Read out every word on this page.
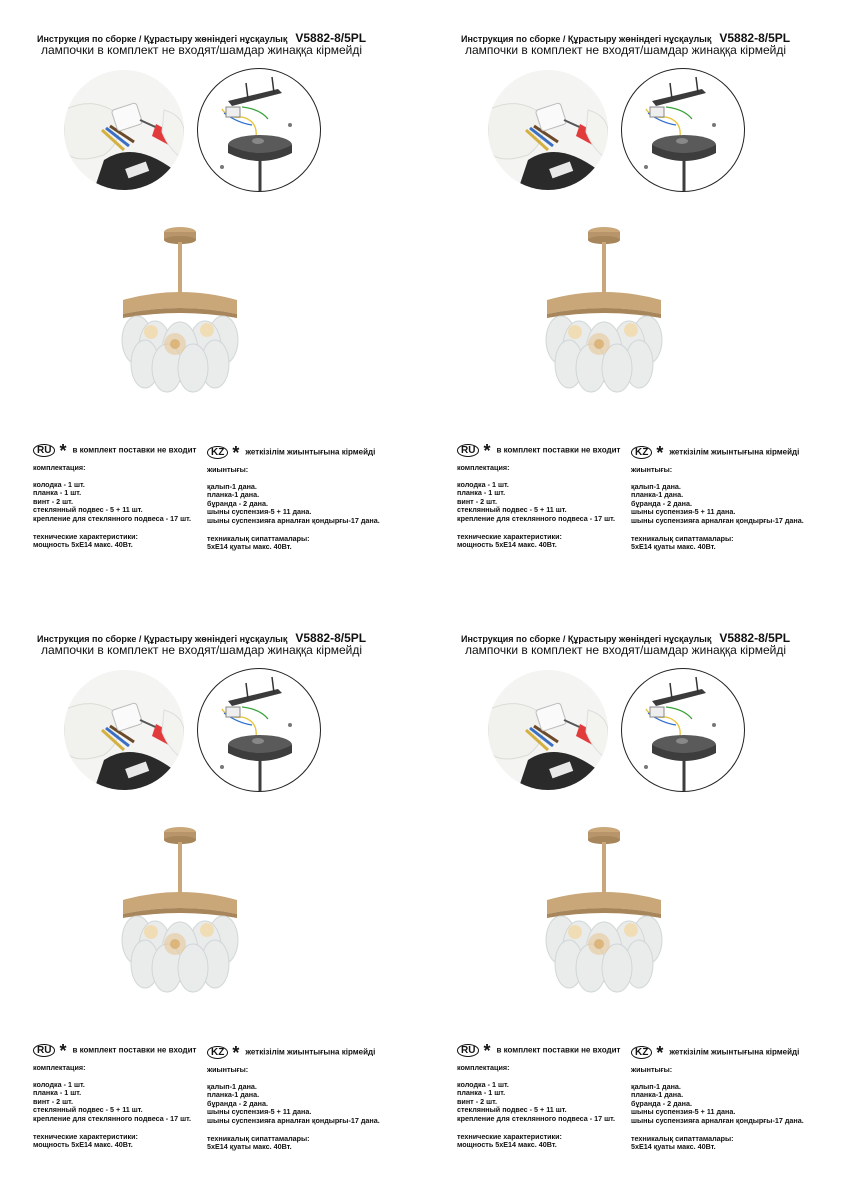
Инструкция по сборке / Құрастыру жөніндегі нұсқаулық V5882-8/5PL
лампочки в комплект не входят/шамдар жинаққа кірмейді
RU * в комплект поставки не входит	KZ * жеткізілім жиынтығына кірмейді
комплектация:
колодка - 1 шт.
планка - 1 шт.
винт - 2 шт.
стеклянный подвес - 5 + 11 шт.
крепление для стеклянного подвеса - 17 шт.
технические характеристики:
мощность 5хЕ14 макс. 40Вт.
жиынтығы:
қалып-1 дана.
планка-1 дана.
бұранда - 2 дана.
шыны суспензия-5 + 11 дана.
шыны суспензияға арналған қондырғы-17 дана.
техникалық сипаттамалары:
5хЕ14 қуаты макс. 40Вт.
Инструкция по сборке / Құрастыру жөніндегі нұсқаулық V5882-8/5PL
лампочки в комплект не входят/шамдар жинаққа кірмейді
RU * в комплект поставки не входит	KZ * жеткізілім жиынтығына кірмейді
комплектация:
колодка - 1 шт.
планка - 1 шт.
винт - 2 шт.
стеклянный подвес - 5 + 11 шт.
крепление для стеклянного подвеса - 17 шт.
технические характеристики:
мощность 5хЕ14 макс. 40Вт.
жиынтығы:
қалып-1 дана.
планка-1 дана.
бұранда - 2 дана.
шыны суспензия-5 + 11 дана.
шыны суспензияға арналған қондырғы-17 дана.
техникалық сипаттамалары:
5хЕ14 қуаты макс. 40Вт.
Инструкция по сборке / Құрастыру жөніндегі нұсқаулық V5882-8/5PL
лампочки в комплект не входят/шамдар жинаққа кірмейді
RU * в комплект поставки не входит	KZ * жеткізілім жиынтығына кірмейді
комплектация:
колодка - 1 шт.
планка - 1 шт.
винт - 2 шт.
стеклянный подвес - 5 + 11 шт.
крепление для стеклянного подвеса - 17 шт.
технические характеристики:
мощность 5хЕ14 макс. 40Вт.
жиынтығы:
қалып-1 дана.
планка-1 дана.
бұранда - 2 дана.
шыны суспензия-5 + 11 дана.
шыны суспензияға арналған қондырғы-17 дана.
техникалық сипаттамалары:
5хЕ14 қуаты макс. 40Вт.
Инструкция по сборке / Құрастыру жөніндегі нұсқаулық V5882-8/5PL
лампочки в комплект не входят/шамдар жинаққа кірмейді
RU * в комплект поставки не входит	KZ * жеткізілім жиынтығына кірмейді
комплектация:
колодка - 1 шт.
планка - 1 шт.
винт - 2 шт.
стеклянный подвес - 5 + 11 шт.
крепление для стеклянного подвеса - 17 шт.
технические характеристики:
мощность 5хЕ14 макс. 40Вт.
жиынтығы:
қалып-1 дана.
планка-1 дана.
бұранда - 2 дана.
шыны суспензия-5 + 11 дана.
шыны суспензияға арналған қондырғы-17 дана.
техникалық сипаттамалары:
5хЕ14 қуаты макс. 40Вт.
